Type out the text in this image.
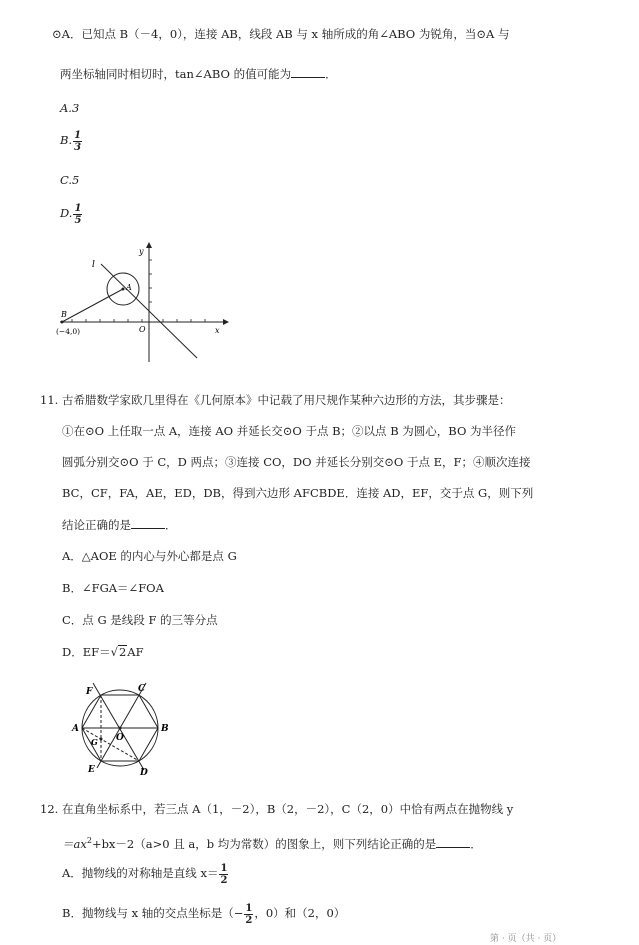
⊙A．已知点 B（－4，0），连接 AB，线段 AB 与 x 轴所成的角∠ABO 为锐角，当⊙A 与
两坐标轴同时相切时，tan∠ABO 的值可能为	．
A.3
B. $\frac{1}{3}$
C.5
D. $\frac{1}{5}$
l
y
A
B
(−4,0)	O	x
11. 古希腊数学家欧几里得在《几何原本》中记载了用尺规作某种六边形的方法，其步骤是：
①在⊙O 上任取一点 A，连接 AO 并延长交⊙O 于点 B；②以点 B 为圆心，BO 为半径作
圆弧分别交⊙O 于 C，D 两点；③连接 CO，DO 并延长分别交⊙O 于点 E，F；④顺次连接
BC，CF，FA，AE，ED，DB，得到六边形 AFCBDE．连接 AD，EF，交于点 G，则下列
结论正确的是	．
A．△AOE 的内心与外心都是点 G
B．∠FGA＝∠FOA
C．点 G 是线段 F 的三等分点
D．EF＝√2AF
F	C
A	B
O
G
E	D
12. 在直角坐标系中，若三点 A（1，－2），B（2，－2），C（2，0）中恰有两点在抛物线 y
$=ax^2+bx-2(a>0$ 且 a，b 均为常数）的图象上，则下列结论正确的是	．
A．抛物线的对称轴是直线 $x= \frac{1}{2}$
B．抛物线与 x 轴的交点坐标是（− $\frac{1}{2}$ ，0）和（2，0）
第 · 页（共 · 页）
